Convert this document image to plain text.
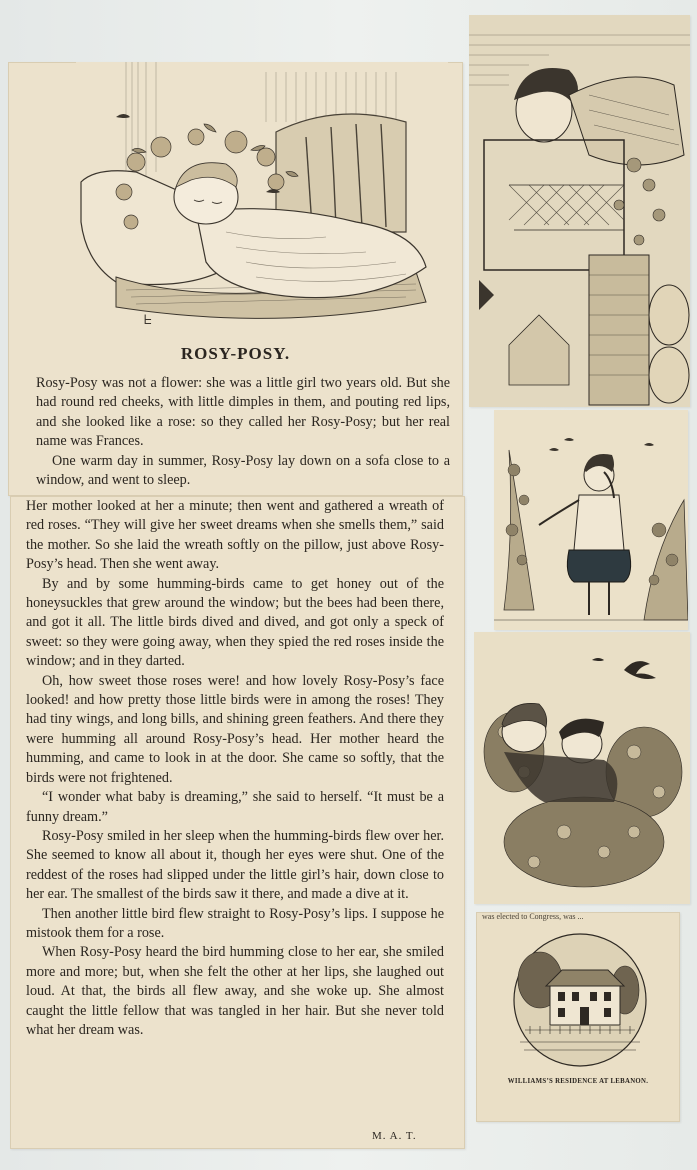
ᖶ
ROSY-POSY.

Rosy-Posy was not a flower: she was a little girl two years old. But she had round red cheeks, with little dimples in them, and pouting red lips, and she looked like a rose: so they called her Rosy-Posy; but her real name was Frances.

One warm day in summer, Rosy-Posy lay down on a sofa close to a window, and went to sleep.

Her mother looked at her a minute; then went and gathered a wreath of red roses. “They will give her sweet dreams when she smells them,” said the mother. So she laid the wreath softly on the pillow, just above Rosy-Posy’s head. Then she went away.

By and by some humming-birds came to get honey out of the honeysuckles that grew around the window; but the bees had been there, and got it all. The little birds dived and dived, and got only a speck of sweet: so they were going away, when they spied the red roses inside the window; and in they darted.

Oh, how sweet those roses were! and how lovely Rosy-Posy’s face looked! and how pretty those little birds were in among the roses! They had tiny wings, and long bills, and shining green feathers. And there they were humming all around Rosy-Posy’s head. Her mother heard the humming, and came to look in at the door. She came so softly, that the birds were not frightened.

“I wonder what baby is dreaming,” she said to herself. “It must be a funny dream.”

Rosy-Posy smiled in her sleep when the humming-birds flew over her. She seemed to know all about it, though her eyes were shut. One of the reddest of the roses had slipped under the little girl’s hair, down close to her ear. The smallest of the birds saw it there, and made a dive at it.

Then another little bird flew straight to Rosy-Posy’s lips. I suppose he mistook them for a rose.

When Rosy-Posy heard the bird humming close to her ear, she smiled more and more; but, when she felt the other at her lips, she laughed out loud. At that, the birds all flew away, and she woke up. She almost caught the little fellow that was tangled in her hair. But she never told what her dream was.

M. A. T.
was elected to Congress, was ...
WILLIAMS’S RESIDENCE AT LEBANON.
